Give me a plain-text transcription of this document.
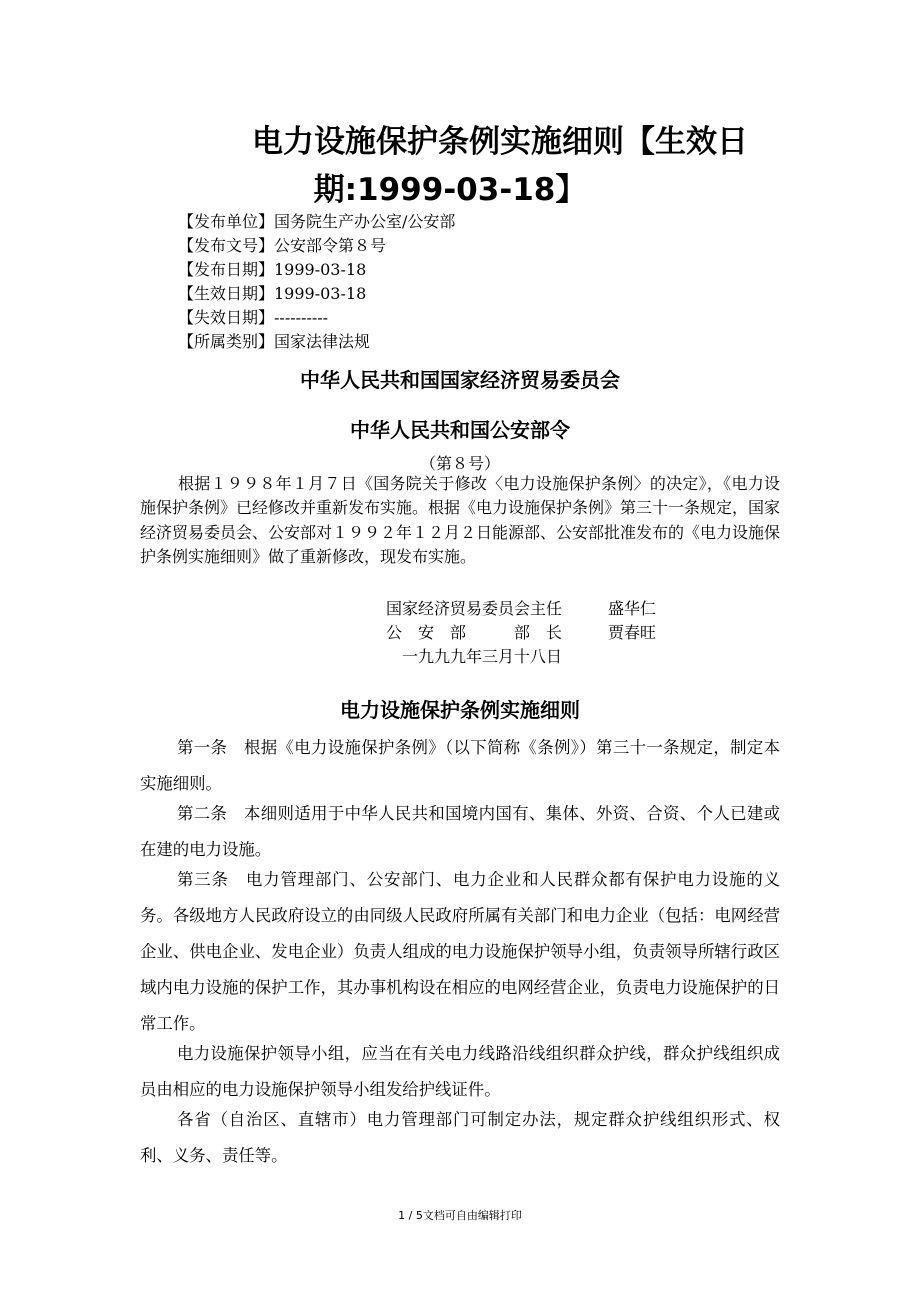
电力设施保护条例实施细则【生效日
期:1999-03-18】
【发布单位】国务院生产办公室/公安部
【发布文号】公安部令第８号
【发布日期】1999-03-18
【生效日期】1999-03-18
【失效日期】----------
【所属类别】国家法律法规
中华人民共和国国家经济贸易委员会
中华人民共和国公安部令
（第８号）
根据１９９８年１月７日《国务院关于修改〈电力设施保护条例〉的决定》，《电力设施保护条例》已经修改并重新发布实施。根据《电力设施保护条例》第三十一条规定，国家经济贸易委员会、公安部对１９９２年１２月２日能源部、公安部批准发布的《电力设施保护条例实施细则》做了重新修改，现发布实施。
国家经济贸易委员会主任	盛华仁
公　安　部　　　部　长	贾春旺
一九九九年三月十八日
电力设施保护条例实施细则
第一条　根据《电力设施保护条例》（以下简称《条例》）第三十一条规定，制定本实施细则。
第二条　本细则适用于中华人民共和国境内国有、集体、外资、合资、个人已建或在建的电力设施。
第三条　电力管理部门、公安部门、电力企业和人民群众都有保护电力设施的义务。各级地方人民政府设立的由同级人民政府所属有关部门和电力企业（包括：电网经营企业、供电企业、发电企业）负责人组成的电力设施保护领导小组，负责领导所辖行政区域内电力设施的保护工作，其办事机构设在相应的电网经营企业，负责电力设施保护的日常工作。
电力设施保护领导小组，应当在有关电力线路沿线组织群众护线，群众护线组织成员由相应的电力设施保护领导小组发给护线证件。
各省（自治区、直辖市）电力管理部门可制定办法，规定群众护线组织形式、权利、义务、责任等。
1 / 5文档可自由编辑打印
